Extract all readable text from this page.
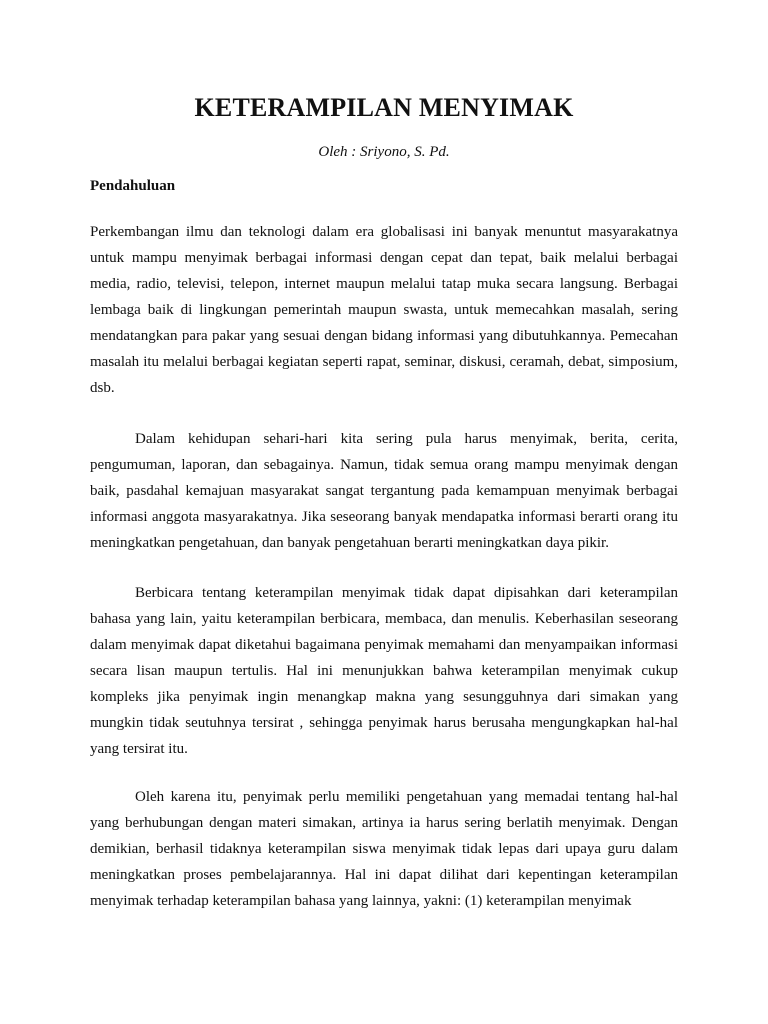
KETERAMPILAN MENYIMAK

Oleh : Sriyono, S. Pd.

Pendahuluan

Perkembangan ilmu dan teknologi dalam era globalisasi ini banyak menuntut masyarakatnya untuk mampu menyimak berbagai informasi dengan cepat dan tepat, baik melalui berbagai media, radio, televisi, telepon, internet maupun melalui tatap muka secara langsung. Berbagai lembaga baik di lingkungan pemerintah maupun swasta, untuk memecahkan masalah, sering mendatangkan para pakar yang sesuai dengan bidang informasi yang dibutuhkannya. Pemecahan masalah itu melalui berbagai kegiatan seperti rapat, seminar, diskusi, ceramah, debat, simposium, dsb.

Dalam kehidupan sehari-hari kita sering pula harus menyimak, berita, cerita, pengumuman, laporan, dan sebagainya. Namun, tidak semua orang mampu menyimak dengan baik, pasdahal kemajuan masyarakat sangat tergantung pada kemampuan menyimak berbagai informasi anggota masyarakatnya. Jika seseorang banyak mendapatka informasi berarti orang itu meningkatkan pengetahuan, dan banyak pengetahuan berarti meningkatkan daya pikir.

Berbicara tentang keterampilan menyimak tidak dapat dipisahkan dari keterampilan bahasa yang lain, yaitu keterampilan berbicara, membaca, dan menulis. Keberhasilan seseorang dalam menyimak dapat diketahui bagaimana penyimak memahami dan menyampaikan informasi secara lisan maupun tertulis. Hal ini menunjukkan bahwa keterampilan menyimak cukup kompleks jika penyimak ingin menangkap makna yang sesungguhnya dari simakan yang mungkin tidak seutuhnya tersirat , sehingga penyimak harus berusaha mengungkapkan hal-hal yang tersirat itu.

Oleh karena itu, penyimak perlu memiliki pengetahuan yang memadai tentang hal-hal yang berhubungan dengan materi simakan, artinya ia harus sering berlatih menyimak. Dengan demikian, berhasil tidaknya keterampilan siswa menyimak tidak lepas dari upaya guru dalam meningkatkan proses pembelajarannya. Hal ini dapat dilihat dari kepentingan keterampilan menyimak terhadap keterampilan bahasa yang lainnya, yakni: (1) keterampilan menyimak
